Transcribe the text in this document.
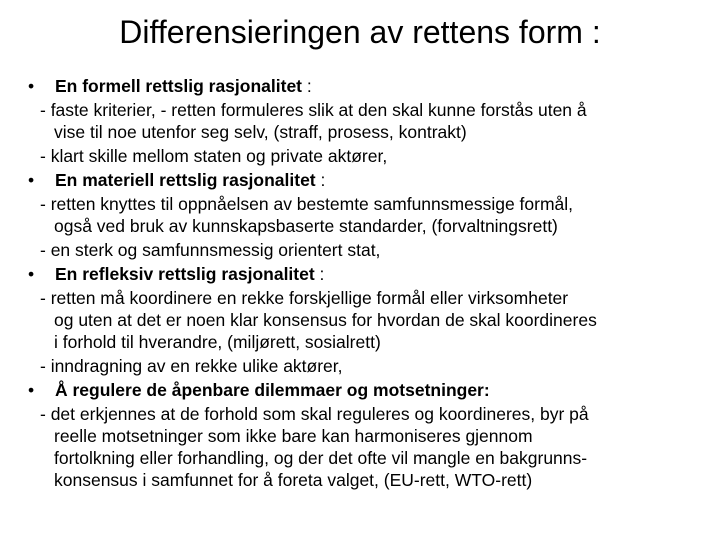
Differensieringen av rettens form :
• En formell rettslig rasjonalitet :
- faste kriterier, - retten formuleres slik at den skal kunne forstås uten å
vise til noe utenfor seg selv, (straff, prosess, kontrakt)
- klart skille mellom staten og private aktører,
• En materiell rettslig rasjonalitet :
- retten knyttes til oppnåelsen av bestemte samfunnsmessige formål,
også ved bruk av kunnskapsbaserte standarder, (forvaltningsrett)
- en sterk og samfunnsmessig orientert stat,
• En refleksiv rettslig rasjonalitet :
- retten må koordinere en rekke forskjellige formål eller virksomheter
og uten at det er noen klar konsensus for hvordan de skal koordineres
i forhold til hverandre, (miljørett, sosialrett)
- inndragning av en rekke ulike aktører,
• Å regulere de åpenbare dilemmaer og motsetninger:
- det erkjennes at de forhold som skal reguleres og koordineres, byr på
reelle motsetninger som ikke bare kan harmoniseres gjennom
fortolkning eller forhandling, og der det ofte vil mangle en bakgrunns-
konsensus i samfunnet for å foreta valget, (EU-rett, WTO-rett)
